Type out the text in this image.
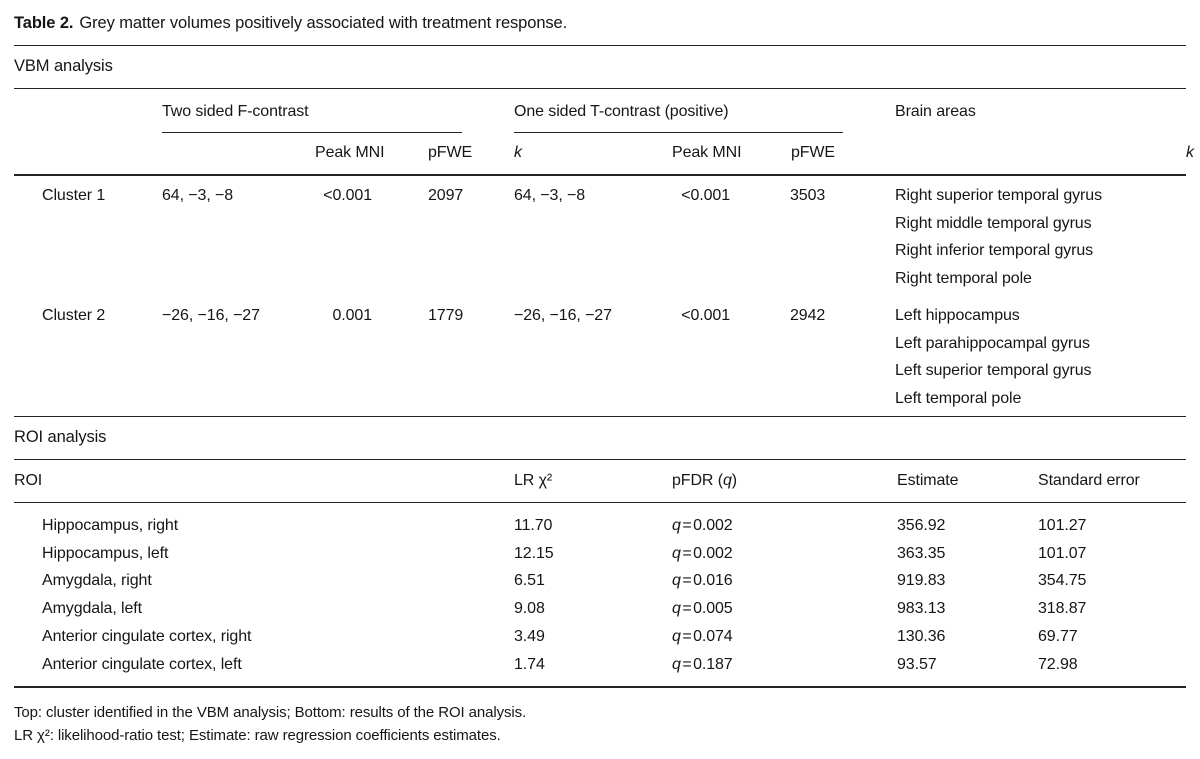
Table 2. Grey matter volumes positively associated with treatment response.
VBM analysis

	Two sided F-contrast			One sided T-contrast (positive)			Brain areas	
		Peak MNI	pFWE	k	Peak MNI	pFWE		k
Cluster 1	64, −3, −8	<0.001	2097	64, −3, −8	<0.001	3503	Right superior temporal gyrus
Right middle temporal gyrus
Right inferior temporal gyrus
Right temporal pole	

Cluster 2	−26, −16, −27	0.001	1779	−26, −16, −27	<0.001	2942	Left hippocampus
Left parahippocampal gyrus
Left superior temporal gyrus
Left temporal pole	
ROI analysis
ROI	LR χ²	pFDR (q)	Estimate	Standard error
Hippocampus, right	11.70	q=0.002	356.92	101.27
Hippocampus, left	12.15	q=0.002	363.35	101.07
Amygdala, right	6.51	q=0.016	919.83	354.75
Amygdala, left	9.08	q=0.005	983.13	318.87
Anterior cingulate cortex, right	3.49	q=0.074	130.36	69.77
Anterior cingulate cortex, left	1.74	q=0.187	93.57	72.98
Top: cluster identified in the VBM analysis; Bottom: results of the ROI analysis.
LR χ²: likelihood-ratio test; Estimate: raw regression coefficients estimates.
